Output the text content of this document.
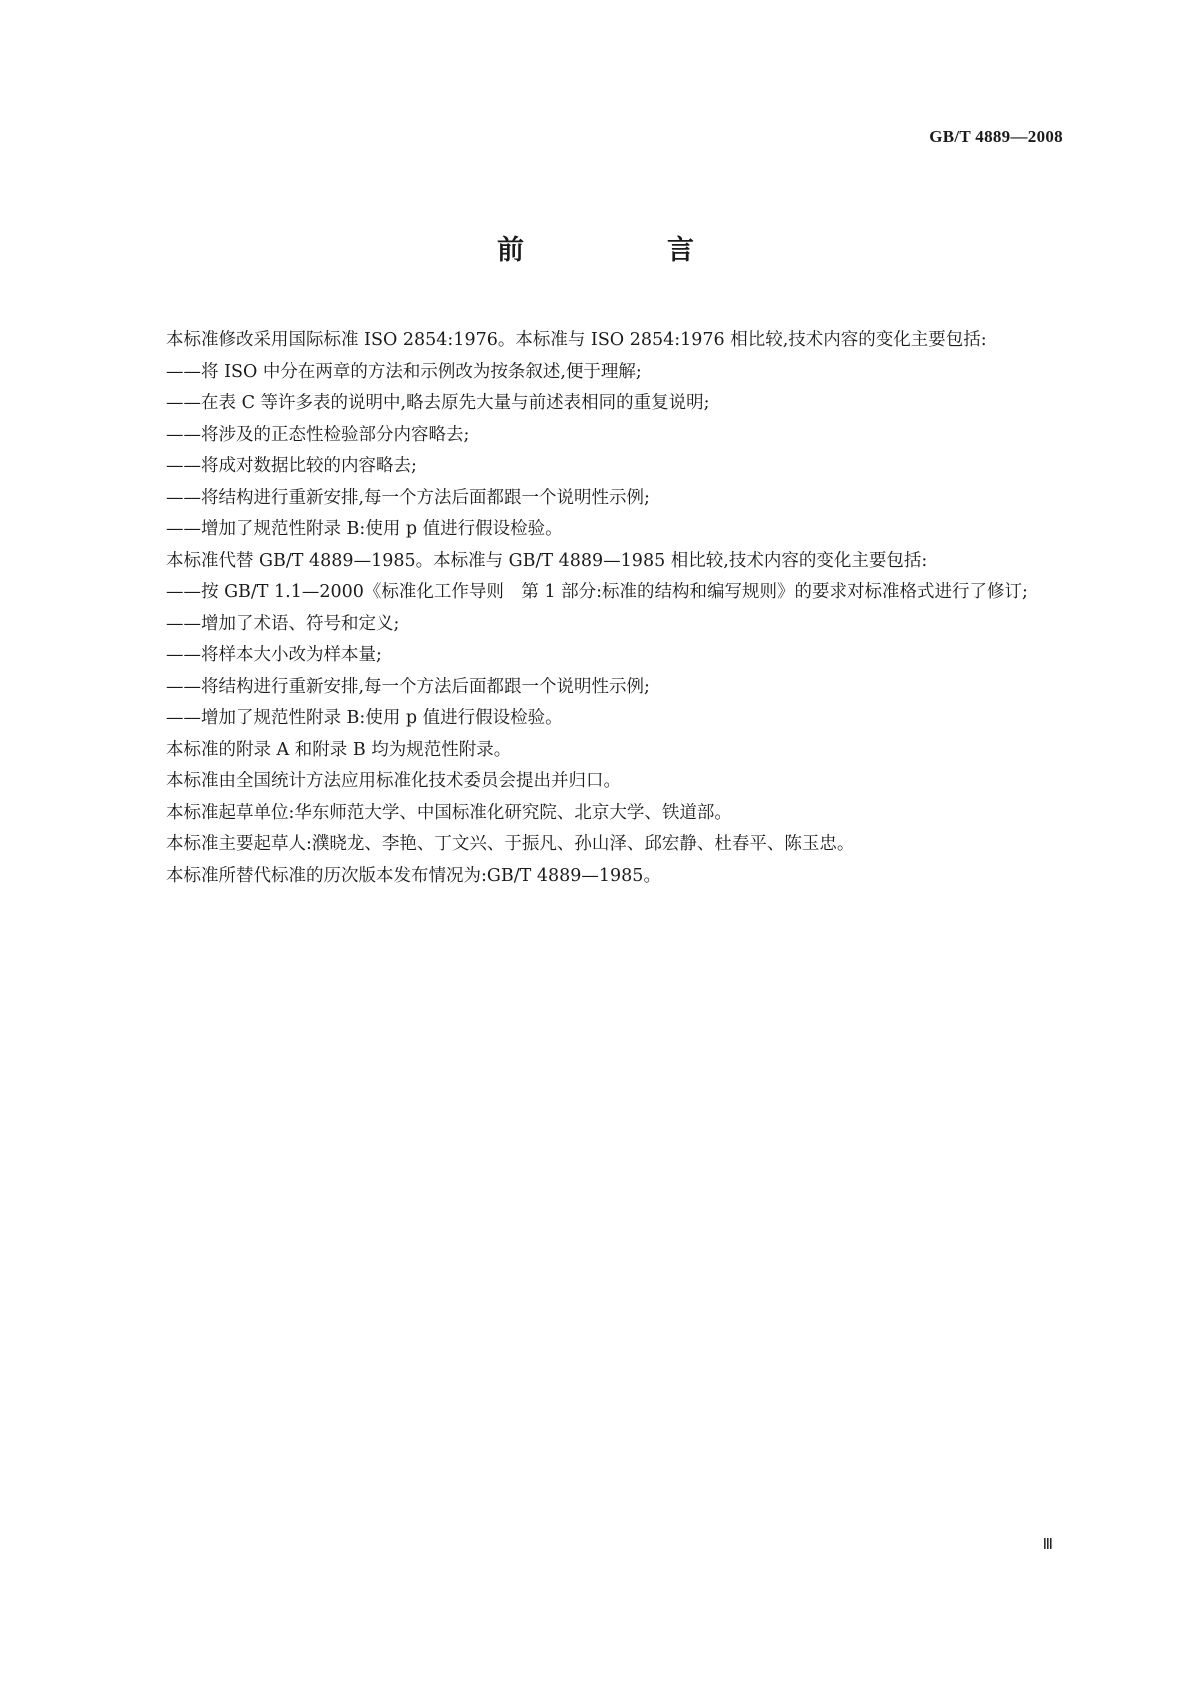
GB/T 4889—2008
前　言

本标准修改采用国际标准 ISO 2854:1976。本标准与 ISO 2854:1976 相比较,技术内容的变化主要包括:

——将 ISO 中分在两章的方法和示例改为按条叙述,便于理解;

——在表 C 等许多表的说明中,略去原先大量与前述表相同的重复说明;

——将涉及的正态性检验部分内容略去;

——将成对数据比较的内容略去;

——将结构进行重新安排,每一个方法后面都跟一个说明性示例;

——增加了规范性附录 B:使用 p 值进行假设检验。

本标准代替 GB/T 4889—1985。本标准与 GB/T 4889—1985 相比较,技术内容的变化主要包括:

——按 GB/T 1.1—2000《标准化工作导则　第 1 部分:标准的结构和编写规则》的要求对标准格式进行了修订;

——增加了术语、符号和定义;

——将样本大小改为样本量;

——将结构进行重新安排,每一个方法后面都跟一个说明性示例;

——增加了规范性附录 B:使用 p 值进行假设检验。

本标准的附录 A 和附录 B 均为规范性附录。

本标准由全国统计方法应用标准化技术委员会提出并归口。

本标准起草单位:华东师范大学、中国标准化研究院、北京大学、铁道部。

本标准主要起草人:濮晓龙、李艳、丁文兴、于振凡、孙山泽、邱宏静、杜春平、陈玉忠。

本标准所替代标准的历次版本发布情况为:GB/T 4889—1985。

Ⅲ
